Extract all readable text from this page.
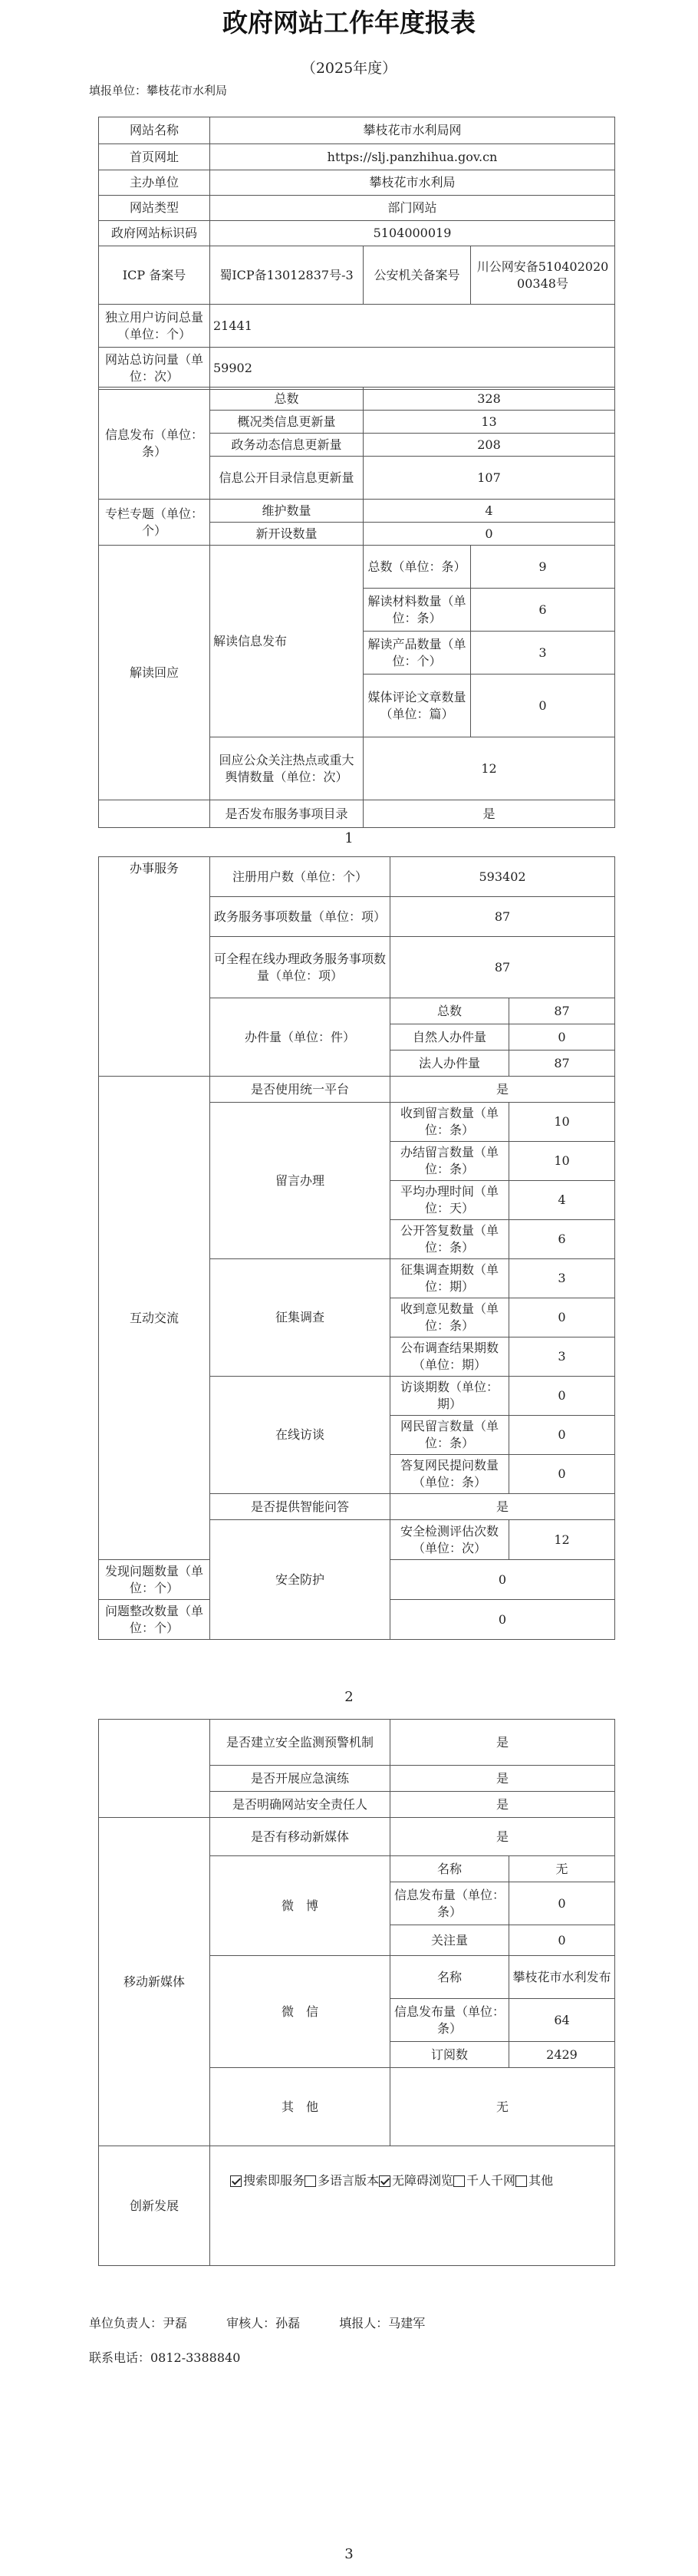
政府网站工作年度报表
（2025年度）
填报单位：攀枝花市水利局
网站名称	攀枝花市水利局网		
首页网址	https://slj.panzhihua.gov.cn		
主办单位	攀枝花市水利局		
网站类型	部门网站		
政府网站标识码	5104000019		
ICP 备案号	蜀ICP备13012837号-3	公安机关备案号	川公网安备51040202000348号
独立用户访问总量（单位：个）	21441		
网站总访问量（单位：次）	59902		
信息发布（单位：条）	总数	328	
	概况类信息更新量	13	
	政务动态信息更新量	208	
	信息公开目录信息更新量	107	
专栏专题（单位：个）	维护数量	4	
	新开设数量	0	
解读回应	解读信息发布	总数（单位：条）	9
		解读材料数量（单位：条）	6
		解读产品数量（单位：个）	3
		媒体评论文章数量（单位：篇）	0
	回应公众关注热点或重大舆情数量（单位：次）	12	
	是否发布服务事项目录	是	
1
办事服务	注册用户数（单位：个）	593402	
	政务服务事项数量（单位：项）	87	
	可全程在线办理政务服务事项数量（单位：项）	87	
	办件量（单位：件）	总数	87
		自然人办件量	0
		法人办件量	87
互动交流	是否使用统一平台	是	
	留言办理	收到留言数量（单位：条）	10
		办结留言数量（单位：条）	10
		平均办理时间（单位：天）	4
		公开答复数量（单位：条）	6
	征集调查	征集调查期数（单位：期）	3
		收到意见数量（单位：条）	0
		公布调查结果期数（单位：期）	3
	在线访谈	访谈期数（单位：期）	0
		网民留言数量（单位：条）	0
		答复网民提问数量（单位：条）	0
	是否提供智能问答	是	
	安全防护	安全检测评估次数（单位：次）	12
发现问题数量（单位：个）		0	
问题整改数量（单位：个）		0	
2
	是否建立安全监测预警机制	是	
	是否开展应急演练	是	
	是否明确网站安全责任人	是	
移动新媒体	是否有移动新媒体	是	
	微　博	名称	无
		信息发布量（单位：条）	0
		关注量	0
	微　信	名称	攀枝花市水利发布
		信息发布量（单位：条）	64
		订阅数	2429
	其　他	无	
创新发展	搜索即服务 多语言版本 无障碍浏览 千人千网 其他		
单位负责人：尹磊	审核人：孙磊	填报人：马建军
联系电话：0812-3388840
3
